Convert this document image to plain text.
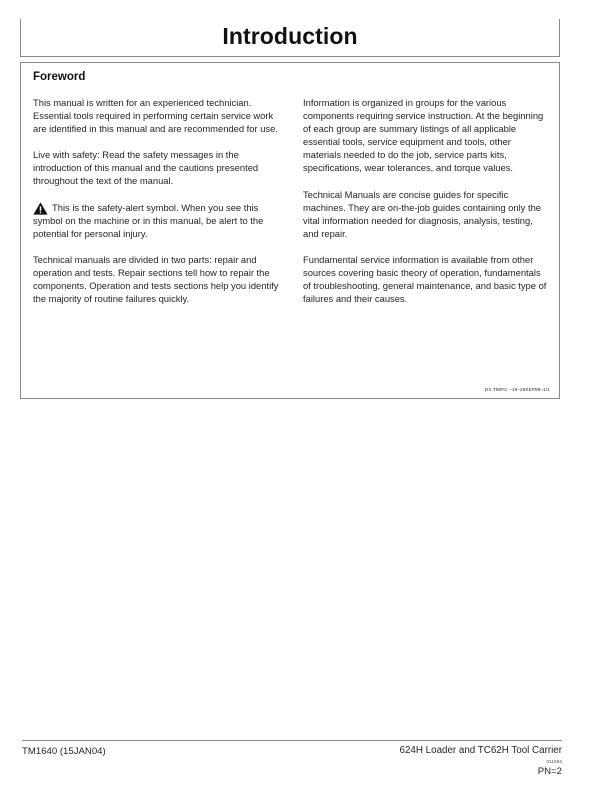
Introduction
Foreword

This manual is written for an experienced technician. Essential tools required in performing certain service work are identified in this manual and are recommended for use.

Live with safety: Read the safety messages in the introduction of this manual and the cautions presented throughout the text of the manual.

This is the safety-alert symbol. When you see this symbol on the machine or in this manual, be alert to the potential for personal injury.

Technical manuals are divided in two parts: repair and operation and tests. Repair sections tell how to repair the components. Operation and tests sections help you identify the majority of routine failures quickly.

Information is organized in groups for the various components requiring service instruction. At the beginning of each group are summary listings of all applicable essential tools, service equipment and tools, other materials needed to do the job, service parts kits, specifications, wear tolerances, and torque values.

Technical Manuals are concise guides for specific machines. They are on-the-job guides containing only the vital information needed for diagnosis, analysis, testing, and repair.

Fundamental service information is available from other sources covering basic theory of operation, fundamentals of troubleshooting, general maintenance, and basic type of failures and their causes.

DX,TMIFC –19–29SEP98–1/1
TM1640 (15JAN04)	624H Loader and TC62H Tool Carrier
011504
PN=2
